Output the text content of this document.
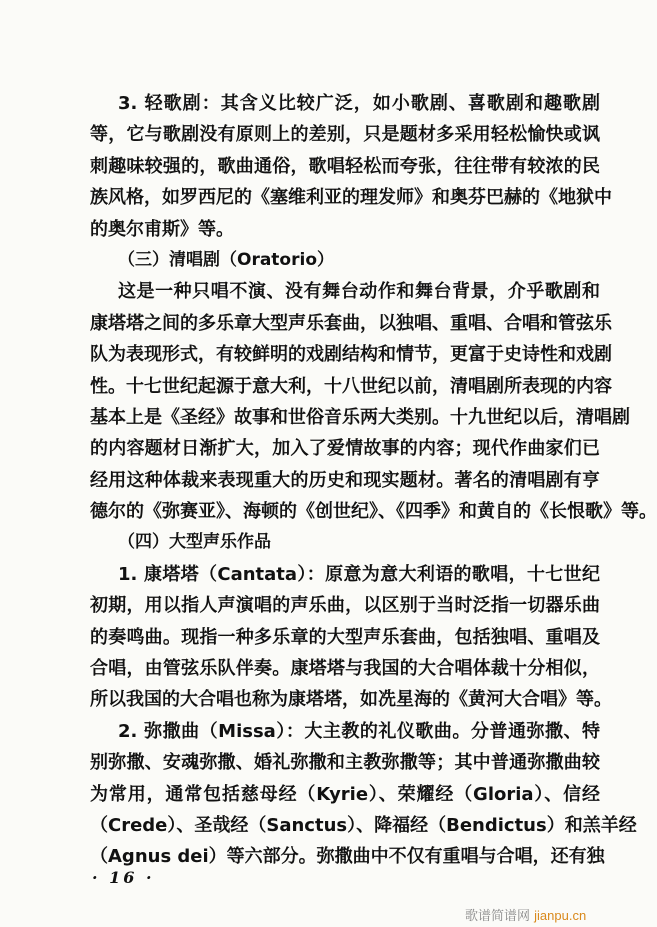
3. 轻歌剧：其含义比较广泛，如小歌剧、喜歌剧和趣歌剧
等，它与歌剧没有原则上的差别，只是题材多采用轻松愉快或讽
刺趣味较强的，歌曲通俗，歌唱轻松而夸张，往往带有较浓的民
族风格，如罗西尼的《塞维利亚的理发师》和奥芬巴赫的《地狱中
的奥尔甫斯》等。
（三）清唱剧（Oratorio）
这是一种只唱不演、没有舞台动作和舞台背景，介乎歌剧和
康塔塔之间的多乐章大型声乐套曲，以独唱、重唱、合唱和管弦乐
队为表现形式，有较鲜明的戏剧结构和情节，更富于史诗性和戏剧
性。十七世纪起源于意大利，十八世纪以前，清唱剧所表现的内容
基本上是《圣经》故事和世俗音乐两大类别。十九世纪以后，清唱剧
的内容题材日渐扩大，加入了爱情故事的内容；现代作曲家们已
经用这种体裁来表现重大的历史和现实题材。著名的清唱剧有亨
德尔的《弥赛亚》、海顿的《创世纪》、《四季》和黄自的《长恨歌》等。
（四）大型声乐作品
1. 康塔塔（Cantata）：原意为意大利语的歌唱，十七世纪
初期，用以指人声演唱的声乐曲，以区别于当时泛指一切器乐曲
的奏鸣曲。现指一种多乐章的大型声乐套曲，包括独唱、重唱及
合唱，由管弦乐队伴奏。康塔塔与我国的大合唱体裁十分相似，
所以我国的大合唱也称为康塔塔，如冼星海的《黄河大合唱》等。
2. 弥撒曲（Missa）：大主教的礼仪歌曲。分普通弥撒、特
别弥撒、安魂弥撒、婚礼弥撒和主教弥撒等；其中普通弥撒曲较
为常用，通常包括慈母经（Kyrie）、荣耀经（Gloria）、信经
（Crede）、圣哉经（Sanctus）、降福经（Bendictus）和羔羊经
（Agnus dei）等六部分。弥撒曲中不仅有重唱与合唱，还有独
· 16 ·
歌谱简谱网 jianpu.cn
